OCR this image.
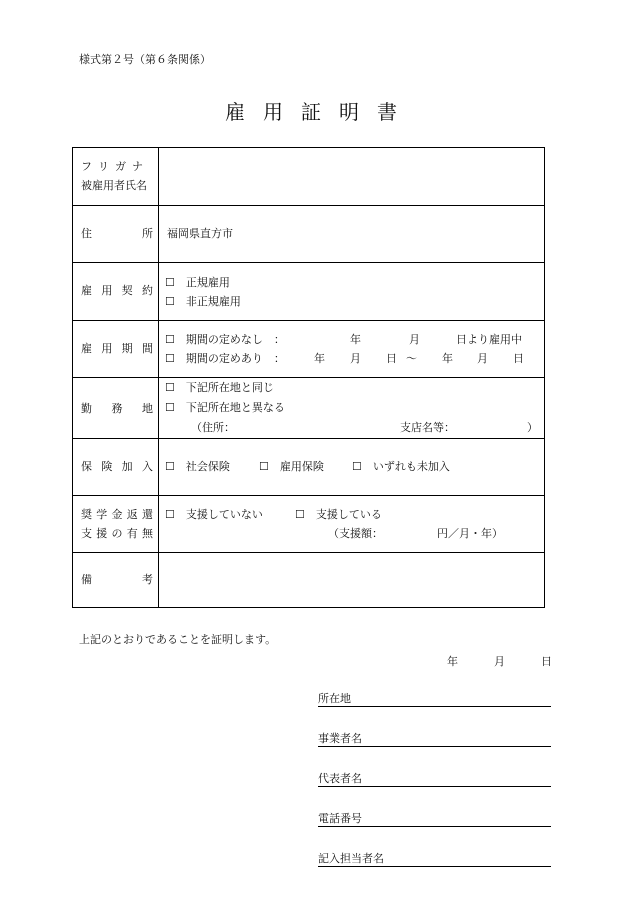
様式第２号（第６条関係）
雇用証明書
フ リ ガ ナ
被雇用者氏名
住	所 福岡県直方市
雇 用 契 約
☐　正規雇用
☐　非正規雇用
雇 用 期 間
☐　期間の定めなし　：	年	月	日より雇用中
☐　期間の定めあり　：	年 月 日 〜 年 月 日
勤 務 地
☐　下記所在地と同じ
☐　下記所在地と異なる
（住所：	支店名等：	）
保 険 加 入 ☐　社会保険	☐　雇用保険	☐　いずれも未加入
奨 学 金 返 還
支 援 の 有 無
☐　支援していない	☐　支援している
（支援額：	円／月・年）
備	考
上記のとおりであることを証明します。
年	月	日
所在地
事業者名
代表者名
電話番号
記入担当者名
